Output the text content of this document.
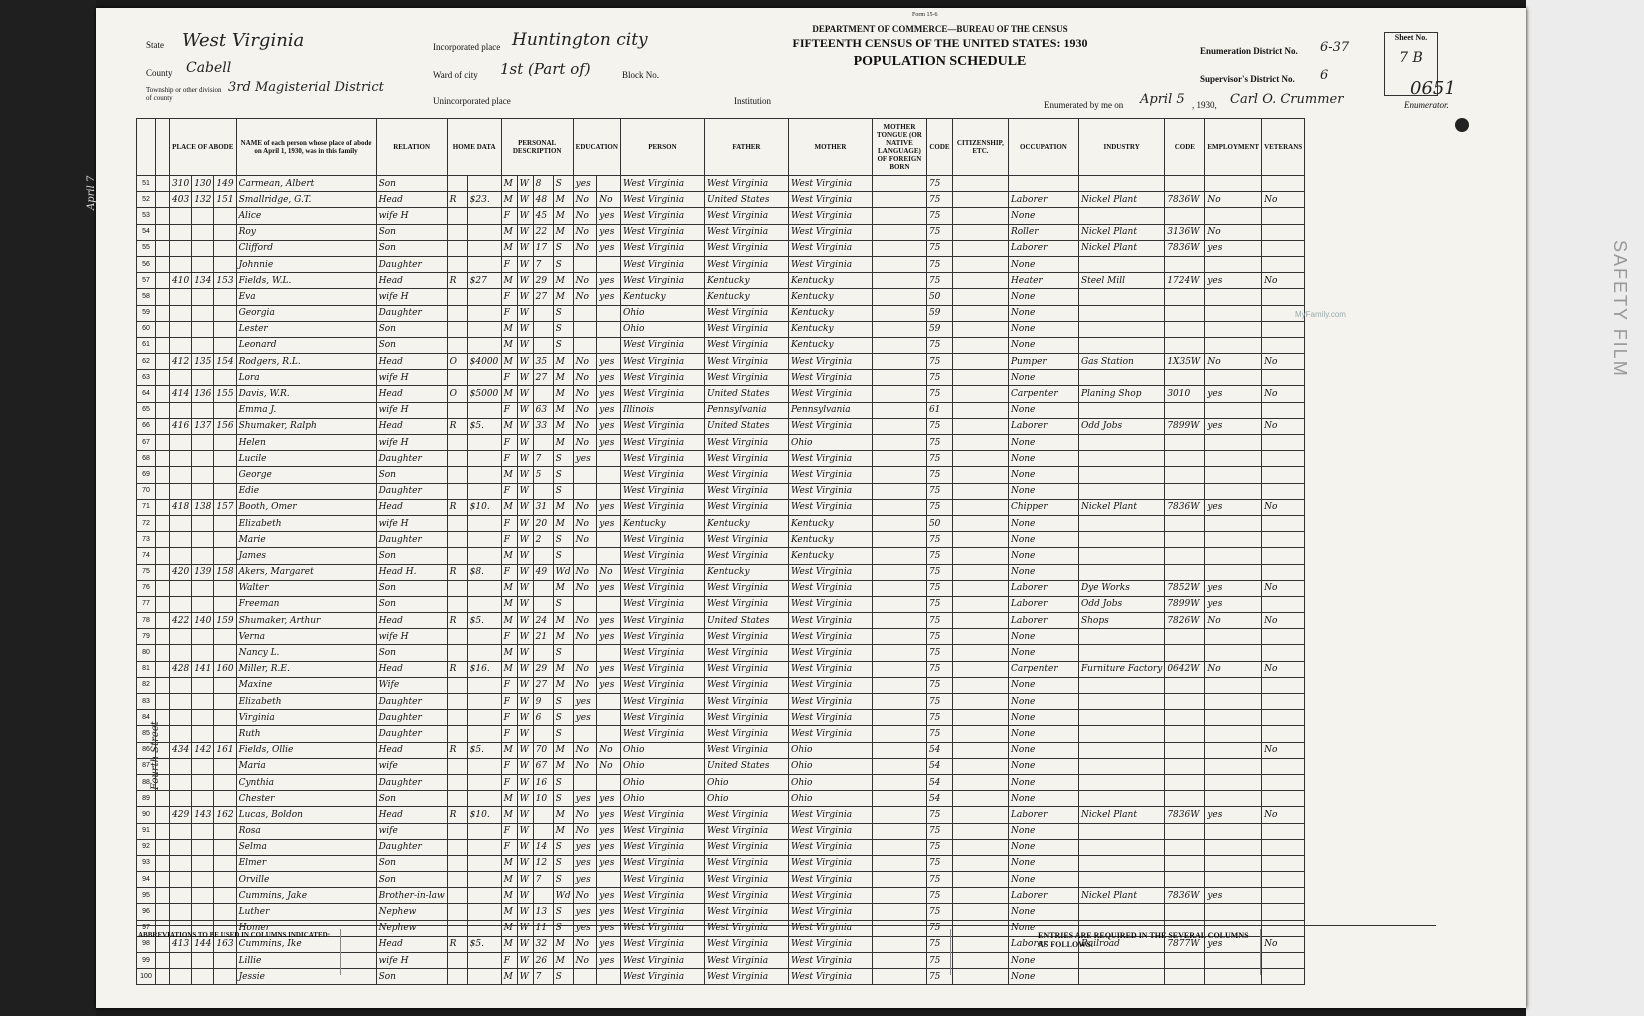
SAFETY FILM
State West Virginia
County Cabell
Township or other division of county
3rd Magisterial District
Incorporated place Huntington city
Ward of city 1st (Part of)	Block No.
Unincorporated place	Institution
Form 15-6
DEPARTMENT OF COMMERCE—BUREAU OF THE CENSUS
FIFTEENTH CENSUS OF THE UNITED STATES: 1930
POPULATION SCHEDULE
Enumeration District No. 6-37
Supervisor's District No. 6
Sheet No.
7 B
0651
Enumerated by me on April 5 , 1930, Carl O. Crummer	Enumerator.
April 7
Fourth Street
		PLACE OF ABODE			NAME of each person whose place of abode on April 1, 1930, was in this family	RELATION	HOME DATA		PERSONAL DESCRIPTION				EDUCATION		PERSON	FATHER	MOTHER	MOTHER TONGUE (OR NATIVE LANGUAGE) OF FOREIGN BORN	CODE	CITIZENSHIP, ETC.	OCCUPATION	INDUSTRY	CODE	EMPLOYMENT	VETERANS
51		310	130	149	Carmean, Albert	Son			M	W	8	S	yes		West Virginia	West Virginia	West Virginia		75						
52		403	132	151	Smallridge, G.T.	Head	R	$23.	M	W	48	M	No	No	West Virginia	United States	West Virginia		75		Laborer	Nickel Plant	7836W	No	No
53					Alice	wife H			F	W	45	M	No	yes	West Virginia	West Virginia	West Virginia		75		None				
54					Roy	Son			M	W	22	M	No	yes	West Virginia	West Virginia	West Virginia		75		Roller	Nickel Plant	3136W	No	
55					Clifford	Son			M	W	17	S	No	yes	West Virginia	West Virginia	West Virginia		75		Laborer	Nickel Plant	7836W	yes	
56					Johnnie	Daughter			F	W	7	S			West Virginia	West Virginia	West Virginia		75		None				
57		410	134	153	Fields, W.L.	Head	R	$27	M	W	29	M	No	yes	West Virginia	Kentucky	Kentucky		75		Heater	Steel Mill	1724W	yes	No
58					Eva	wife H			F	W	27	M	No	yes	Kentucky	Kentucky	Kentucky		50		None				
59					Georgia	Daughter			F	W		S			Ohio	West Virginia	Kentucky		59		None				
60					Lester	Son			M	W		S			Ohio	West Virginia	Kentucky		59		None				
61					Leonard	Son			M	W		S			West Virginia	West Virginia	Kentucky		75		None				
62		412	135	154	Rodgers, R.L.	Head	O	$4000	M	W	35	M	No	yes	West Virginia	West Virginia	West Virginia		75		Pumper	Gas Station	1X35W	No	No
63					Lora	wife H			F	W	27	M	No	yes	West Virginia	West Virginia	West Virginia		75		None				
64		414	136	155	Davis, W.R.	Head	O	$5000	M	W		M	No	yes	West Virginia	United States	West Virginia		75		Carpenter	Planing Shop	3010	yes	No
65					Emma J.	wife H			F	W	63	M	No	yes	Illinois	Pennsylvania	Pennsylvania		61		None				
66		416	137	156	Shumaker, Ralph	Head	R	$5.	M	W	33	M	No	yes	West Virginia	United States	West Virginia		75		Laborer	Odd Jobs	7899W	yes	No
67					Helen	wife H			F	W		M	No	yes	West Virginia	West Virginia	Ohio		75		None				
68					Lucile	Daughter			F	W	7	S	yes		West Virginia	West Virginia	West Virginia		75		None				
69					George	Son			M	W	5	S			West Virginia	West Virginia	West Virginia		75		None				
70					Edie	Daughter			F	W		S			West Virginia	West Virginia	West Virginia		75		None				
71		418	138	157	Booth, Omer	Head	R	$10.	M	W	31	M	No	yes	West Virginia	West Virginia	West Virginia		75		Chipper	Nickel Plant	7836W	yes	No
72					Elizabeth	wife H			F	W	20	M	No	yes	Kentucky	Kentucky	Kentucky		50		None				
73					Marie	Daughter			F	W	2	S	No		West Virginia	West Virginia	Kentucky		75		None				
74					James	Son			M	W		S			West Virginia	West Virginia	Kentucky		75		None				
75		420	139	158	Akers, Margaret	Head H.	R	$8.	F	W	49	Wd	No	No	West Virginia	Kentucky	West Virginia		75		None				
76					Walter	Son			M	W		M	No	yes	West Virginia	West Virginia	West Virginia		75		Laborer	Dye Works	7852W	yes	No
77					Freeman	Son			M	W		S			West Virginia	West Virginia	West Virginia		75		Laborer	Odd Jobs	7899W	yes	
78		422	140	159	Shumaker, Arthur	Head	R	$5.	M	W	24	M	No	yes	West Virginia	United States	West Virginia		75		Laborer	Shops	7826W	No	No
79					Verna	wife H			F	W	21	M	No	yes	West Virginia	West Virginia	West Virginia		75		None				
80					Nancy L.	Son			M	W		S			West Virginia	West Virginia	West Virginia		75		None				
81		428	141	160	Miller, R.E.	Head	R	$16.	M	W	29	M	No	yes	West Virginia	West Virginia	West Virginia		75		Carpenter	Furniture Factory	0642W	No	No
82					Maxine	Wife			F	W	27	M	No	yes	West Virginia	West Virginia	West Virginia		75		None				
83					Elizabeth	Daughter			F	W	9	S	yes		West Virginia	West Virginia	West Virginia		75		None				
84					Virginia	Daughter			F	W	6	S	yes		West Virginia	West Virginia	West Virginia		75		None				
85					Ruth	Daughter			F	W		S			West Virginia	West Virginia	West Virginia		75		None				
86		434	142	161	Fields, Ollie	Head	R	$5.	M	W	70	M	No	No	Ohio	West Virginia	Ohio		54		None				No
87					Maria	wife			F	W	67	M	No	No	Ohio	United States	Ohio		54		None				
88					Cynthia	Daughter			F	W	16	S			Ohio	Ohio	Ohio		54		None				
89					Chester	Son			M	W	10	S	yes	yes	Ohio	Ohio	Ohio		54		None				
90		429	143	162	Lucas, Boldon	Head	R	$10.	M	W		M	No	yes	West Virginia	West Virginia	West Virginia		75		Laborer	Nickel Plant	7836W	yes	No
91					Rosa	wife			F	W		M	No	yes	West Virginia	West Virginia	West Virginia		75		None				
92					Selma	Daughter			F	W	14	S	yes	yes	West Virginia	West Virginia	West Virginia		75		None				
93					Elmer	Son			M	W	12	S	yes	yes	West Virginia	West Virginia	West Virginia		75		None				
94					Orville	Son			M	W	7	S	yes		West Virginia	West Virginia	West Virginia		75		None				
95					Cummins, Jake	Brother-in-law			M	W		Wd	No	yes	West Virginia	West Virginia	West Virginia		75		Laborer	Nickel Plant	7836W	yes	
96					Luther	Nephew			M	W	13	S	yes	yes	West Virginia	West Virginia	West Virginia		75		None				
97					Homer	Nephew			M	W	11	S	yes	yes	West Virginia	West Virginia	West Virginia		75		None				
98		413	144	163	Cummins, Ike	Head	R	$5.	M	W	32	M	No	yes	West Virginia	West Virginia	West Virginia		75		Laborer	Railroad	7877W	yes	No
99					Lillie	wife H			F	W	26	M	No	yes	West Virginia	West Virginia	West Virginia		75		None				
100					Jessie	Son			M	W	7	S			West Virginia	West Virginia	West Virginia		75		None				
MyFamily.com
ABBREVIATIONS TO BE USED IN COLUMNS INDICATED:	ENTRIES ARE REQUIRED IN THE SEVERAL COLUMNS AS FOLLOWS:
